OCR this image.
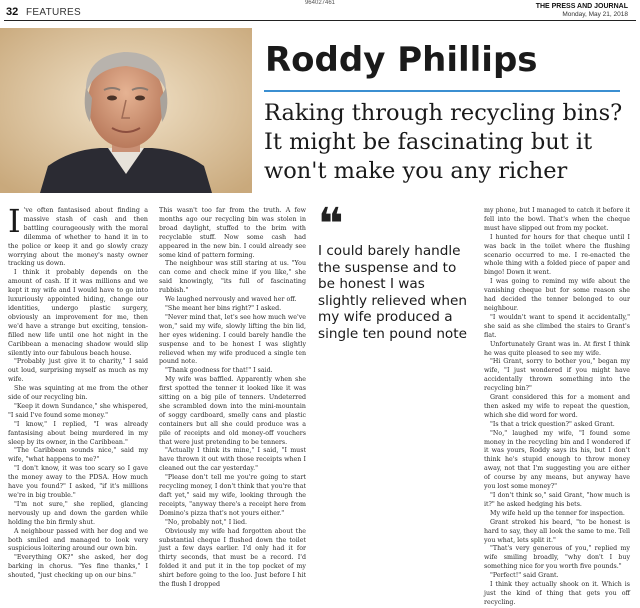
964027461
32 FEATURES
THE PRESS AND JOURNAL
Monday, May 21, 2018
Roddy Phillips
Raking through recycling bins?
It might be fascinating but it
won't make you any richer

I 've often fantasised about finding a massive stash of cash and then battling courageously with the moral dilemma of whether to hand it in to the police or keep it and go slowly crazy worrying about the money's nasty owner tracking us down.

I think it probably depends on the amount of cash. If it was millions and we kept it my wife and I would have to go into luxuriously appointed hiding, change our identities, undergo plastic surgery, obviously an improvement for me, then we'd have a strange but exciting, tension-filled new life until one hot night in the Caribbean a menacing shadow would slip silently into our fabulous beach house.

"Probably just give it to charity," I said out loud, surprising myself as much as my wife.

She was squinting at me from the other side of our recycling bin.

"Keep it down Sundance," she whispered, "I said I've found some money."

"I know," I replied, "I was already fantasising about being murdered in my sleep by its owner, in the Caribbean."

"The Caribbean sounds nice," said my wife, "what happens to me?"

"I don't know, it was too scary so I gave the money away to the PDSA. How much have you found?" I asked, "if it's millions we're in big trouble."

"I'm not sure," she replied, glancing nervously up and down the garden while holding the bin firmly shut.

A neighbour passed with her dog and we both smiled and managed to look very suspicious loitering around our own bin.

"Everything OK?" she asked, her dog barking in chorus. "Yes fine thanks," I shouted, "just checking up on our bins."

This wasn't too far from the truth. A few months ago our recycling bin was stolen in broad daylight, stuffed to the brim with recyclable stuff. Now some cash had appeared in the new bin. I could already see some kind of pattern forming.

The neighbour was still staring at us. "You can come and check mine if you like," she said knowingly, "its full of fascinating rubbish."

We laughed nervously and waved her off.

"She meant her bins right?" I asked.

"Never mind that, let's see how much we've won," said my wife, slowly lifting the bin lid, her eyes widening. I could barely handle the suspense and to be honest I was slightly relieved when my wife produced a single ten pound note.

"Thank goodness for that!" I said.

My wife was baffled. Apparently when she first spotted the tenner it looked like it was sitting on a big pile of tenners. Undeterred she scrambled down into the mini-mountain of soggy cardboard, smelly cans and plastic containers but all she could produce was a pile of receipts and old money-off vouchers that were just pretending to be tenners.

"Actually I think its mine," I said, "I must have thrown it out with those receipts when I cleaned out the car yesterday."

"Please don't tell me you're going to start recycling money, I don't think that you're that daft yet," said my wife, looking through the receipts, "anyway there's a receipt here from Domino's pizza that's not yours either."

"No, probably not," I lied.

Obviously my wife had forgotten about the substantial cheque I flushed down the toilet just a few days earlier. I'd only had it for thirty seconds, that must be a record. I'd folded it and put it in the top pocket of my shirt before going to the loo. Just before I hit the flush I dropped

❝
I could barely handle the suspense and to be honest I was slightly relieved when my wife produced a single ten pound note

my phone, but I managed to catch it before it fell into the bowl. That's when the cheque must have slipped out from my pocket.

I hunted for hours for that cheque until I was back in the toilet where the flushing scenario occurred to me. I re-enacted the whole thing with a folded piece of paper and bingo! Down it went.

I was going to remind my wife about the vanishing cheque but for some reason she had decided the tenner belonged to our neighbour.

"I wouldn't want to spend it accidentally," she said as she climbed the stairs to Grant's flat.

Unfortunately Grant was in. At first I think he was quite pleased to see my wife.

"Hi Grant, sorry to bother you," began my wife, "I just wondered if you might have accidentally thrown something into the recycling bin?"

Grant considered this for a moment and then asked my wife to repeat the question, which she did word for word.

"Is that a trick question?" asked Grant.

"No," laughed my wife, "I found some money in the recycling bin and I wondered if it was yours, Roddy says its his, but I don't think he's stupid enough to throw money away, not that I'm suggesting you are either of course by any means, but anyway have you lost some money?"

"I don't think so," said Grant, "how much is it?" he asked hedging his bets.

My wife held up the tenner for inspection.

Grant stroked his beard, "to be honest is hard to say, they all look the same to me. Tell you what, lets split it."

"That's very generous of you," replied my wife smiling broadly, "why don't I buy something nice for you worth five pounds."

"Perfect!" said Grant.

I think they actually shook on it. Which is just the kind of thing that gets you off recycling.
